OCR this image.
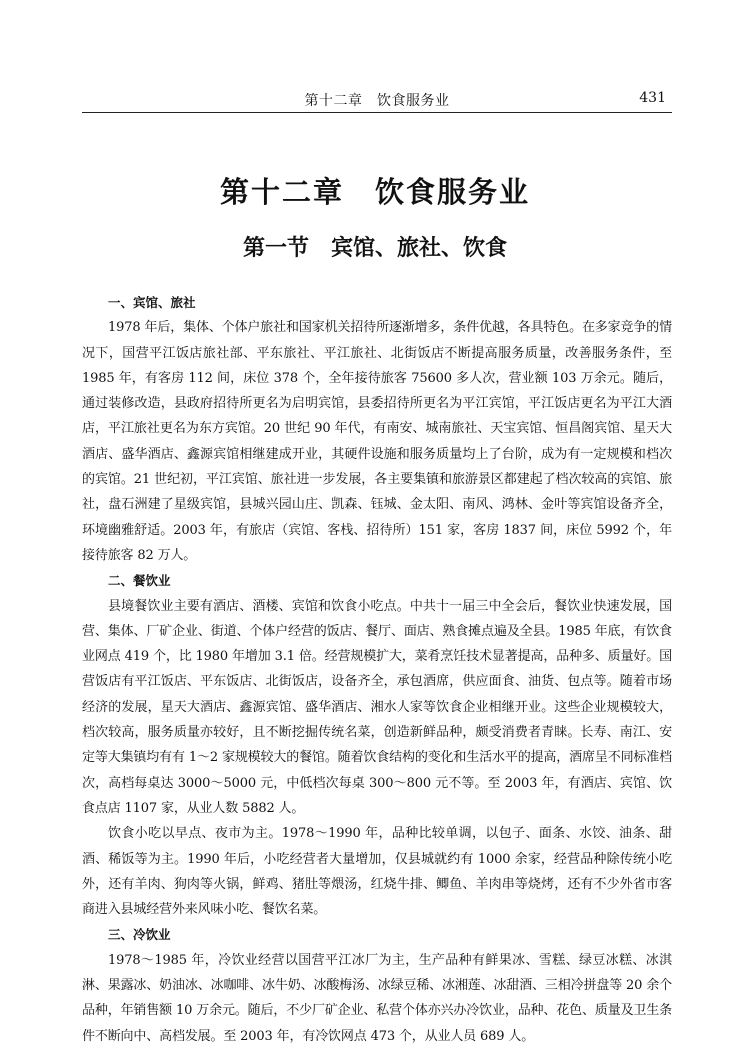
第十二章　饮食服务业	431
第十二章　饮食服务业
第一节　宾馆、旅社、饮食

一、宾馆、旅社

1978 年后，集体、个体户旅社和国家机关招待所逐渐增多，条件优越，各具特色。在多家竞争的情况下，国营平江饭店旅社部、平东旅社、平江旅社、北街饭店不断提高服务质量，改善服务条件，至 1985 年，有客房 112 间，床位 378 个，全年接待旅客 75600 多人次，营业额 103 万余元。随后，通过装修改造，县政府招待所更名为启明宾馆，县委招待所更名为平江宾馆，平江饭店更名为平江大酒店，平江旅社更名为东方宾馆。20 世纪 90 年代，有南安、城南旅社、天宝宾馆、恒昌阁宾馆、星天大酒店、盛华酒店、鑫源宾馆相继建成开业，其硬件设施和服务质量均上了台阶，成为有一定规模和档次的宾馆。21 世纪初，平江宾馆、旅社进一步发展，各主要集镇和旅游景区都建起了档次较高的宾馆、旅社，盘石洲建了星级宾馆，县城兴园山庄、凯森、钰城、金太阳、南风、鸿林、金叶等宾馆设备齐全，环境幽雅舒适。2003 年，有旅店（宾馆、客栈、招待所）151 家，客房 1837 间，床位 5992 个，年接待旅客 82 万人。

二、餐饮业

县境餐饮业主要有酒店、酒楼、宾馆和饮食小吃点。中共十一届三中全会后，餐饮业快速发展，国营、集体、厂矿企业、街道、个体户经营的饭店、餐厅、面店、熟食摊点遍及全县。1985 年底，有饮食业网点 419 个，比 1980 年增加 3.1 倍。经营规模扩大，菜肴烹饪技术显著提高，品种多、质量好。国营饭店有平江饭店、平东饭店、北街饭店，设备齐全，承包酒席，供应面食、油货、包点等。随着市场经济的发展，星天大酒店、鑫源宾馆、盛华酒店、湘水人家等饮食企业相继开业。这些企业规模较大，档次较高，服务质量亦较好，且不断挖掘传统名菜，创造新鲜品种，颇受消费者青睐。长寿、南江、安定等大集镇均有有 1～2 家规模较大的餐馆。随着饮食结构的变化和生活水平的提高，酒席呈不同标准档次，高档每桌达 3000～5000 元，中低档次每桌 300～800 元不等。至 2003 年，有酒店、宾馆、饮食点店 1107 家，从业人数 5882 人。

饮食小吃以早点、夜市为主。1978～1990 年，品种比较单调，以包子、面条、水饺、油条、甜酒、稀饭等为主。1990 年后，小吃经营者大量增加，仅县城就约有 1000 余家，经营品种除传统小吃外，还有羊肉、狗肉等火锅，鲜鸡、猪肚等煨汤，红烧牛排、鲫鱼、羊肉串等烧烤，还有不少外省市客商进入县城经营外来风味小吃、餐饮名菜。

三、冷饮业

1978～1985 年，冷饮业经营以国营平江冰厂为主，生产品种有鲜果冰、雪糕、绿豆冰糕、冰淇淋、果露冰、奶油冰、冰咖啡、冰牛奶、冰酸梅汤、冰绿豆稀、冰湘莲、冰甜酒、三相冷拼盘等 20 余个品种，年销售额 10 万余元。随后，不少厂矿企业、私营个体亦兴办冷饮业，品种、花色、质量及卫生条件不断向中、高档发展。至 2003 年，有冷饮网点 473 个，从业人员 689 人。
